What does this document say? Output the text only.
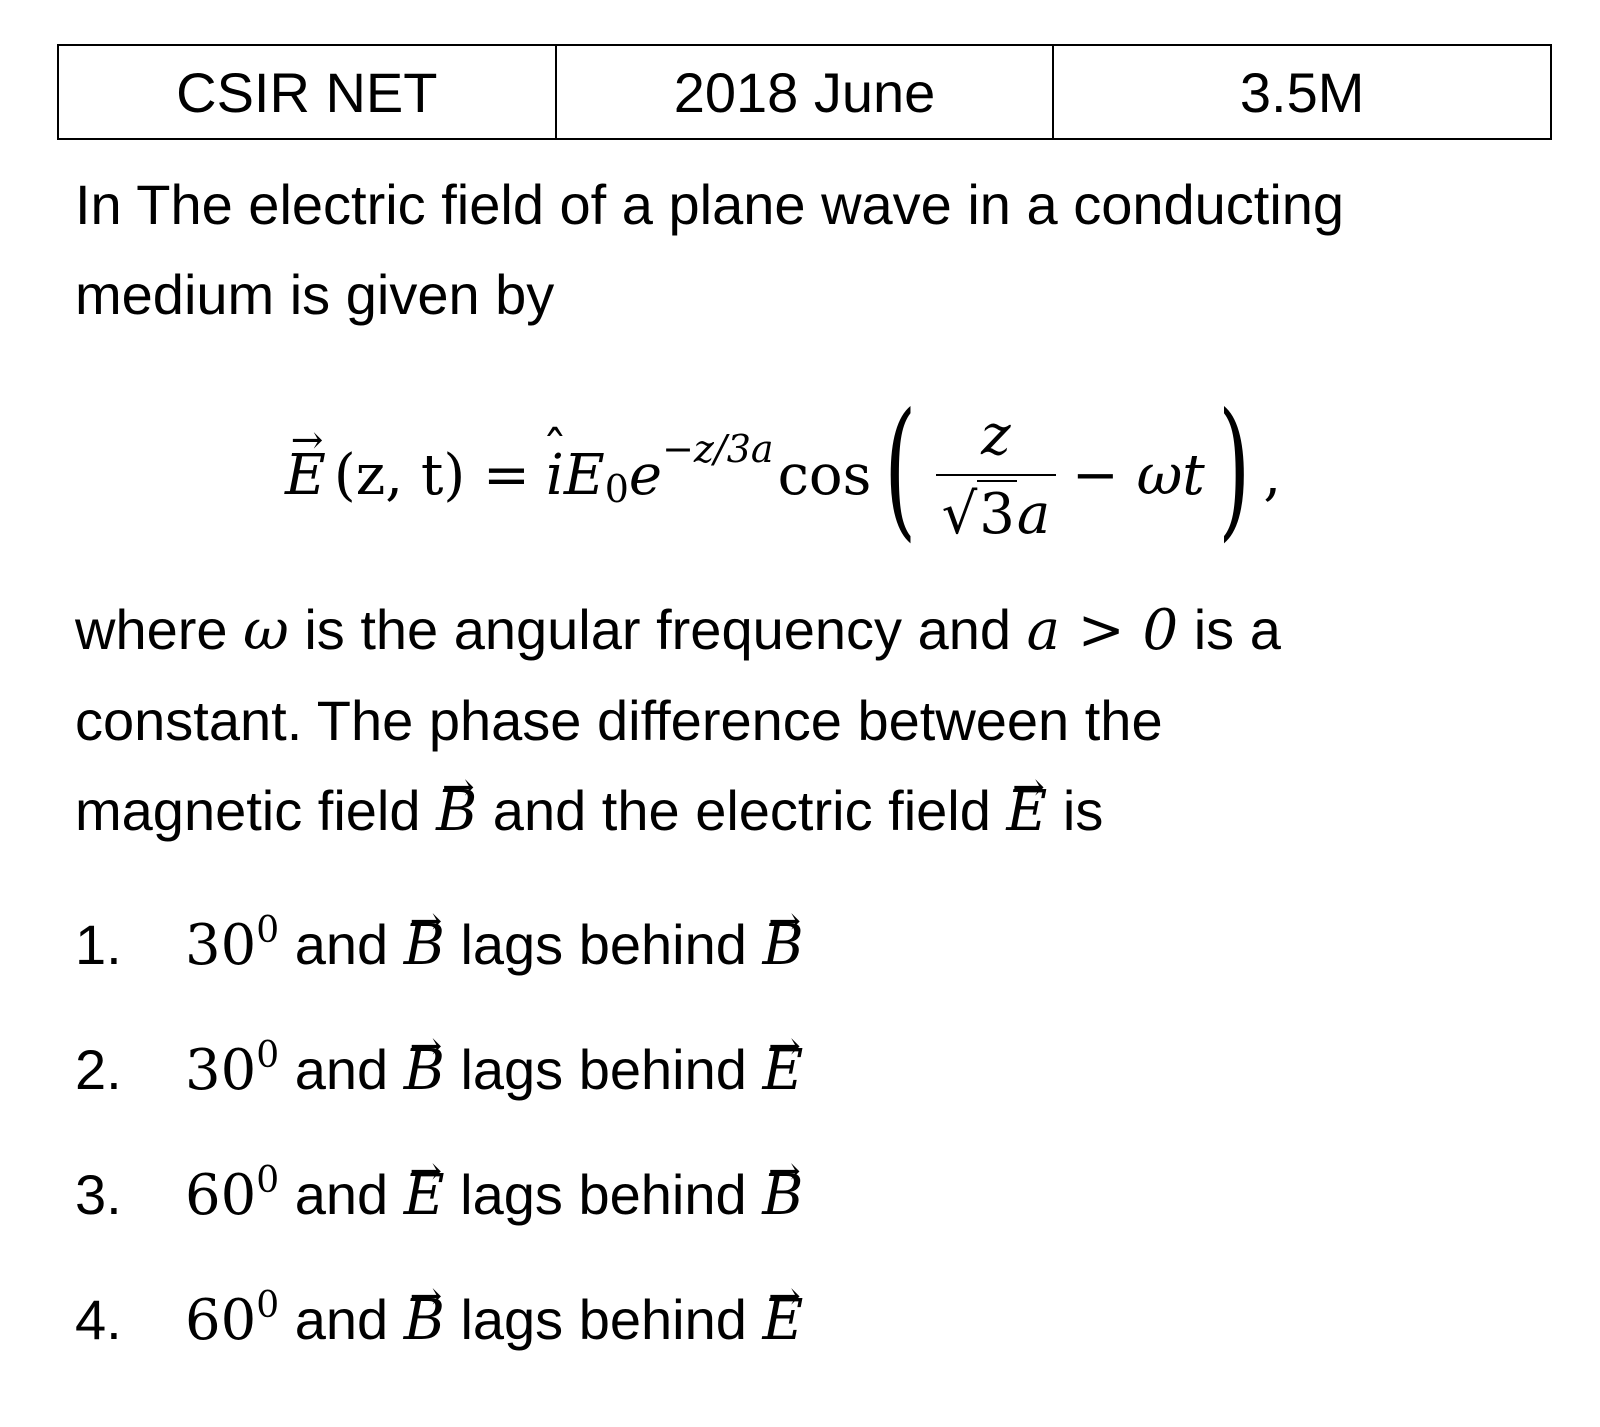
CSIR NET	2018 June	3.5M

In The electric field of a plane wave in a conducting
medium is given by

→ E (z, t) =
ˆ i E 0 e −z/3a cos ( $\frac{z}{√ 3 a} - \omega t$ ) ,

where ω is the angular frequency and a > 0 is a
constant. The phase difference between the
magnetic field → B and the electric field → E is

1. $30^0$ and → B lags behind → B
2. $30^0$ and → B lags behind → E
3. $60^0$ and → E lags behind → B
4. $60^0$ and → B lags behind → E
